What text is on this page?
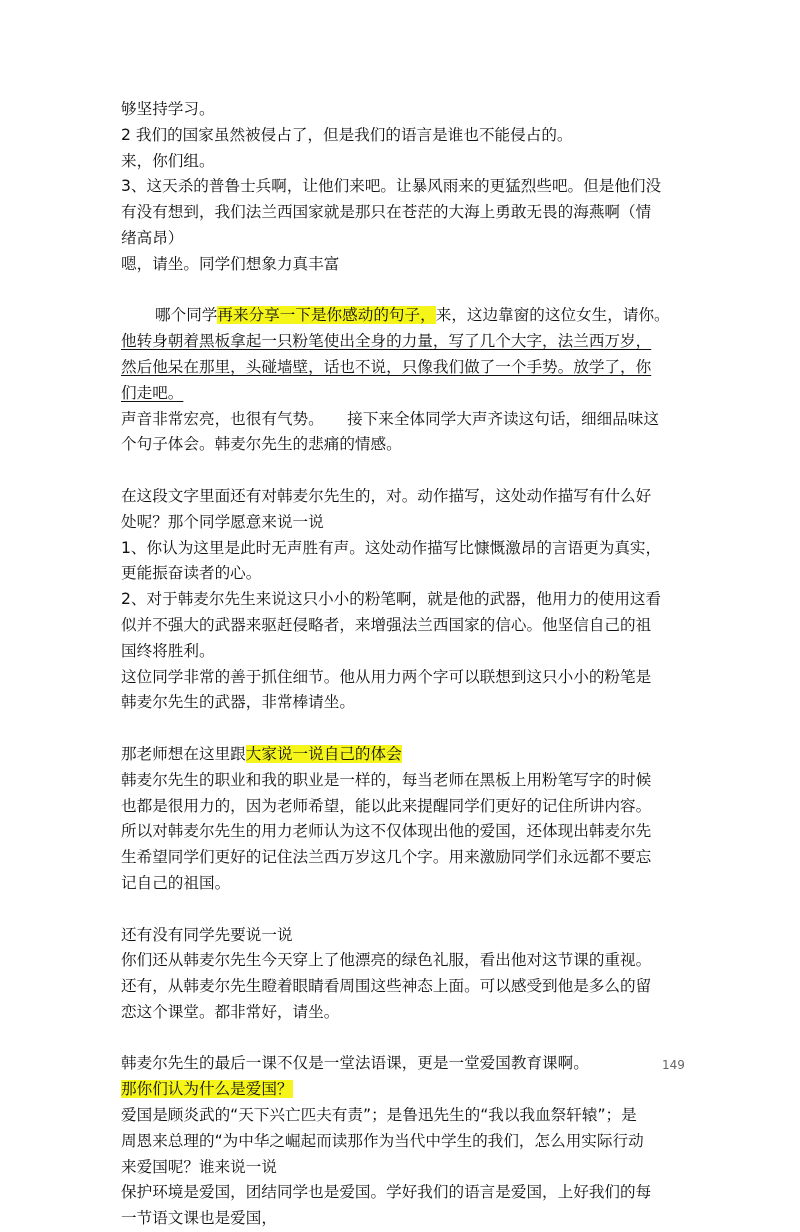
够坚持学习。
2 我们的国家虽然被侵占了，但是我们的语言是谁也不能侵占的。
来，你们组。
3、这天杀的普鲁士兵啊，让他们来吧。让暴风雨来的更猛烈些吧。但是他们没
有没有想到，我们法兰西国家就是那只在苍茫的大海上勇敢无畏的海燕啊（情
绪高昂）
嗯，请坐。同学们想象力真丰富
哪个同学再来分享一下是你感动的句子，来，这边靠窗的这位女生，请你。
他转身朝着黑板拿起一只粉笔使出全身的力量，写了几个大字，法兰西万岁，
然后他呆在那里，头碰墙壁，话也不说，只像我们做了一个手势。放学了，你
们走吧。
声音非常宏亮，也很有气势。　　接下来全体同学大声齐读这句话，细细品味这
个句子体会。韩麦尔先生的悲痛的情感。
在这段文字里面还有对韩麦尔先生的，对。动作描写，这处动作描写有什么好
处呢？那个同学愿意来说一说
1、你认为这里是此时无声胜有声。这处动作描写比慷慨激昂的言语更为真实，
更能振奋读者的心。
2、对于韩麦尔先生来说这只小小的粉笔啊，就是他的武器，他用力的使用这看
似并不强大的武器来驱赶侵略者，来增强法兰西国家的信心。他坚信自己的祖
国终将胜利。
这位同学非常的善于抓住细节。他从用力两个字可以联想到这只小小的粉笔是
韩麦尔先生的武器，非常棒请坐。
那老师想在这里跟大家说一说自己的体会
韩麦尔先生的职业和我的职业是一样的，每当老师在黑板上用粉笔写字的时候
也都是很用力的，因为老师希望，能以此来提醒同学们更好的记住所讲内容。
所以对韩麦尔先生的用力老师认为这不仅体现出他的爱国，还体现出韩麦尔先
生希望同学们更好的记住法兰西万岁这几个字。用来激励同学们永远都不要忘
记自己的祖国。
还有没有同学先要说一说
你们还从韩麦尔先生今天穿上了他漂亮的绿色礼服，看出他对这节课的重视。
还有，从韩麦尔先生瞪着眼睛看周围这些神态上面。可以感受到他是多么的留
恋这个课堂。都非常好，请坐。
韩麦尔先生的最后一课不仅是一堂法语课，更是一堂爱国教育课啊。
那你们认为什么是爱国？
爱国是顾炎武的“天下兴亡匹夫有责”；是鲁迅先生的“我以我血祭轩辕”；是
周恩来总理的“为中华之崛起而读那作为当代中学生的我们，怎么用实际行动
来爱国呢？谁来说一说
保护环境是爱国，团结同学也是爱国。学好我们的语言是爱国，上好我们的每
一节语文课也是爱国，
149
